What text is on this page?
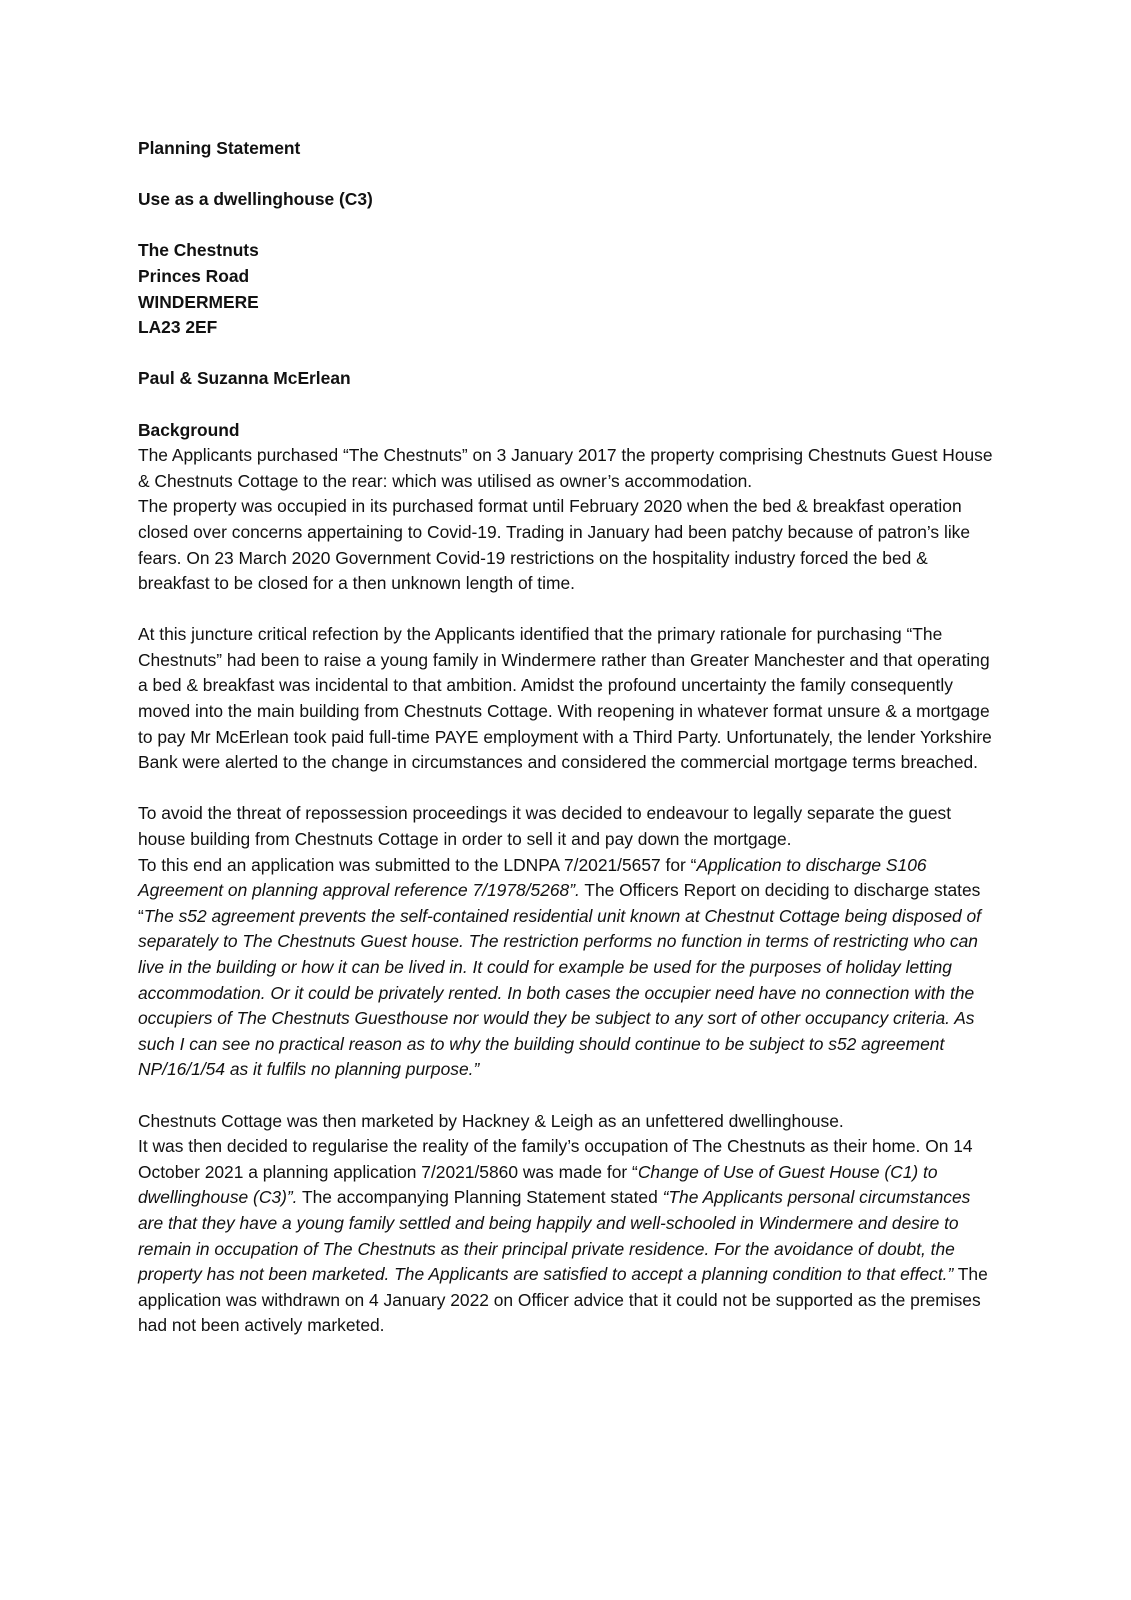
Planning Statement

Use as a dwellinghouse (C3)

The Chestnuts

Princes Road

WINDERMERE

LA23 2EF

Paul & Suzanna McErlean

Background

The Applicants purchased “The Chestnuts” on 3 January 2017 the property comprising Chestnuts Guest House & Chestnuts Cottage to the rear: which was utilised as owner’s accommodation.

The property was occupied in its purchased format until February 2020 when the bed & breakfast operation closed over concerns appertaining to Covid-19. Trading in January had been patchy because of patron’s like fears. On 23 March 2020 Government Covid-19 restrictions on the hospitality industry forced the bed & breakfast to be closed for a then unknown length of time.

At this juncture critical refection by the Applicants identified that the primary rationale for purchasing “The Chestnuts” had been to raise a young family in Windermere rather than Greater Manchester and that operating a bed & breakfast was incidental to that ambition. Amidst the profound uncertainty the family consequently moved into the main building from Chestnuts Cottage. With reopening in whatever format unsure & a mortgage to pay Mr McErlean took paid full-time PAYE employment with a Third Party. Unfortunately, the lender Yorkshire Bank were alerted to the change in circumstances and considered the commercial mortgage terms breached.

To avoid the threat of repossession proceedings it was decided to endeavour to legally separate the guest house building from Chestnuts Cottage in order to sell it and pay down the mortgage.

To this end an application was submitted to the LDNPA 7/2021/5657 for “Application to discharge S106 Agreement on planning approval reference 7/1978/5268”. The Officers Report on deciding to discharge states “The s52 agreement prevents the self-contained residential unit known at Chestnut Cottage being disposed of separately to The Chestnuts Guest house. The restriction performs no function in terms of restricting who can live in the building or how it can be lived in. It could for example be used for the purposes of holiday letting accommodation. Or it could be privately rented. In both cases the occupier need have no connection with the occupiers of The Chestnuts Guesthouse nor would they be subject to any sort of other occupancy criteria. As such I can see no practical reason as to why the building should continue to be subject to s52 agreement NP/16/1/54 as it fulfils no planning purpose.”

Chestnuts Cottage was then marketed by Hackney & Leigh as an unfettered dwellinghouse.

It was then decided to regularise the reality of the family’s occupation of The Chestnuts as their home. On 14 October 2021 a planning application 7/2021/5860 was made for “Change of Use of Guest House (C1) to dwellinghouse (C3)”. The accompanying Planning Statement stated “The Applicants personal circumstances are that they have a young family settled and being happily and well-schooled in Windermere and desire to remain in occupation of The Chestnuts as their principal private residence. For the avoidance of doubt, the property has not been marketed. The Applicants are satisfied to accept a planning condition to that effect.” The application was withdrawn on 4 January 2022 on Officer advice that it could not be supported as the premises had not been actively marketed.
